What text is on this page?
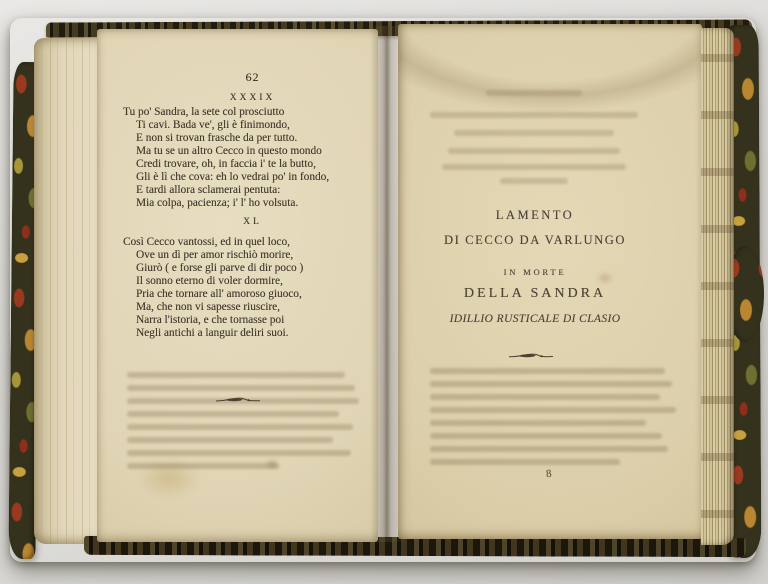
62
XXXIX
Tu po' Sandra, la sete col prosciutto
Ti cavi. Bada ve', gli è finimondo,
E non si trovan frasche da per tutto.
Ma tu se un altro Cecco in questo mondo
Credi trovare, oh, in faccia i' te la butto,
Gli è lì che cova: eh lo vedrai po' in fondo,
E tardi allora sclamerai pentuta:
Mia colpa, pacienza; i' l' ho volsuta.
XL
Così Cecco vantossi, ed in quel loco,
Ove un dì per amor rischiò morire,
Giurò ( e forse gli parve di dir poco )
Il sonno eterno di voler dormire,
Pria che tornare all' amoroso giuoco,
Ma, che non vi sapesse riuscire,
Narra l'istoria, e che tornasse poi
Negli antichi a languir deliri suoi.
LAMENTO
DI CECCO DA VARLUNGO
IN MORTE
DELLA SANDRA
IDILLIO RUSTICALE DI CLASIO
8
